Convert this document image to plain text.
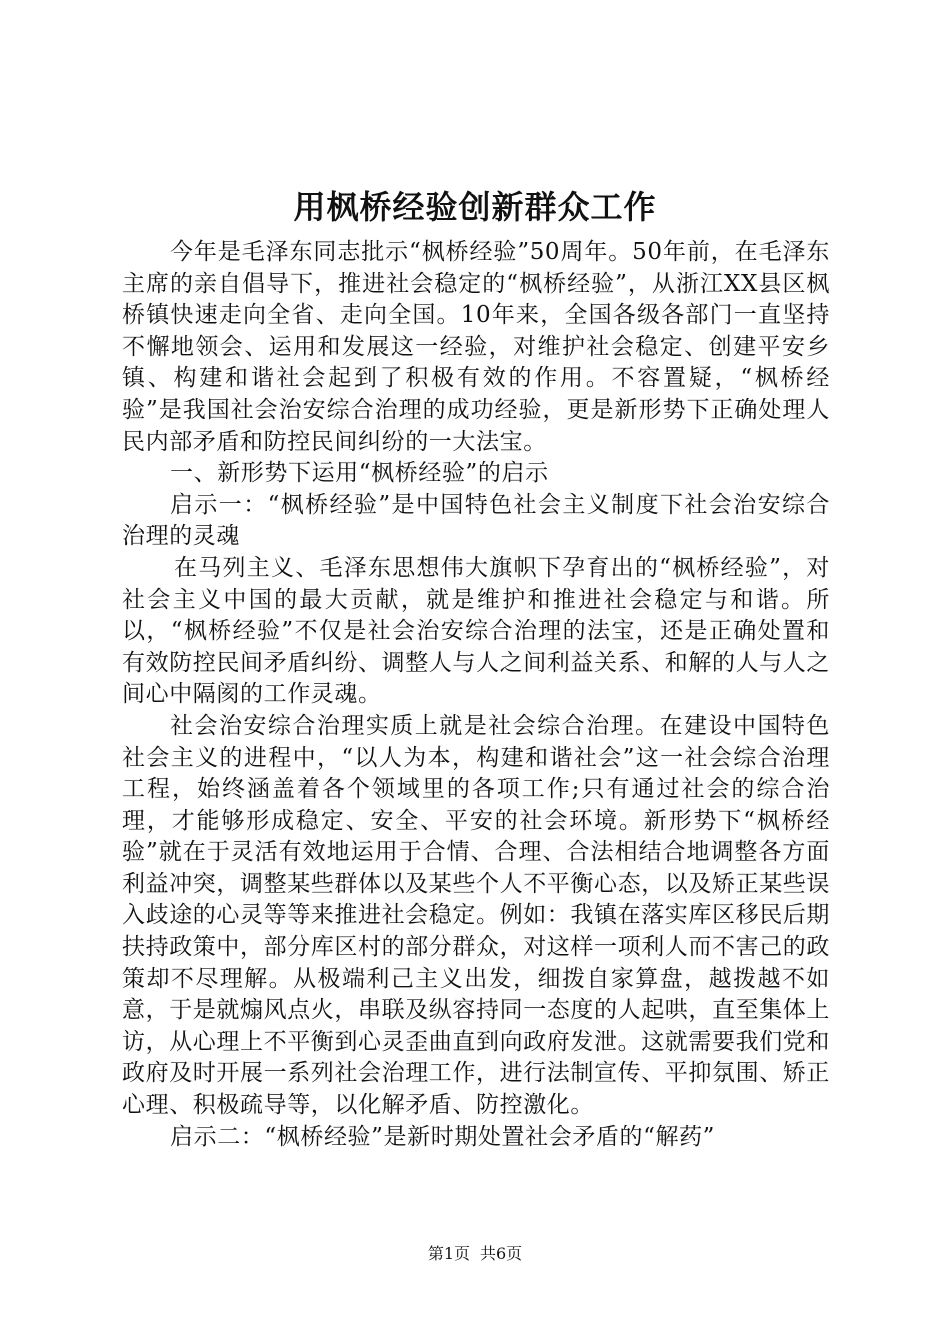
用枫桥经验创新群众工作

今年是毛泽东同志批示“枫桥经验”50周年。50年前，在毛泽东主席的亲自倡导下，推进社会稳定的“枫桥经验”，从浙江XX县区枫桥镇快速走向全省、走向全国。10年来，全国各级各部门一直坚持不懈地领会、运用和发展这一经验，对维护社会稳定、创建平安乡镇、构建和谐社会起到了积极有效的作用。不容置疑，“枫桥经验”是我国社会治安综合治理的成功经验，更是新形势下正确处理人民内部矛盾和防控民间纠纷的一大法宝。

一、新形势下运用“枫桥经验”的启示

启示一：“枫桥经验”是中国特色社会主义制度下社会治安综合治理的灵魂

在马列主义、毛泽东思想伟大旗帜下孕育出的“枫桥经验”，对社会主义中国的最大贡献，就是维护和推进社会稳定与和谐。所以，“枫桥经验”不仅是社会治安综合治理的法宝，还是正确处置和有效防控民间矛盾纠纷、调整人与人之间利益关系、和解的人与人之间心中隔阂的工作灵魂。

社会治安综合治理实质上就是社会综合治理。在建设中国特色社会主义的进程中，“以人为本，构建和谐社会”这一社会综合治理工程，始终涵盖着各个领域里的各项工作;只有通过社会的综合治理，才能够形成稳定、安全、平安的社会环境。新形势下“枫桥经验”就在于灵活有效地运用于合情、合理、合法相结合地调整各方面利益冲突，调整某些群体以及某些个人不平衡心态，以及矫正某些误入歧途的心灵等等来推进社会稳定。例如：我镇在落实库区移民后期扶持政策中，部分库区村的部分群众，对这样一项利人而不害己的政策却不尽理解。从极端利己主义出发，细拨自家算盘，越拨越不如意，于是就煽风点火，串联及纵容持同一态度的人起哄，直至集体上访，从心理上不平衡到心灵歪曲直到向政府发泄。这就需要我们党和政府及时开展一系列社会治理工作，进行法制宣传、平抑氛围、矫正心理、积极疏导等，以化解矛盾、防控激化。

启示二：“枫桥经验”是新时期处置社会矛盾的“解药”

第1页 共6页
